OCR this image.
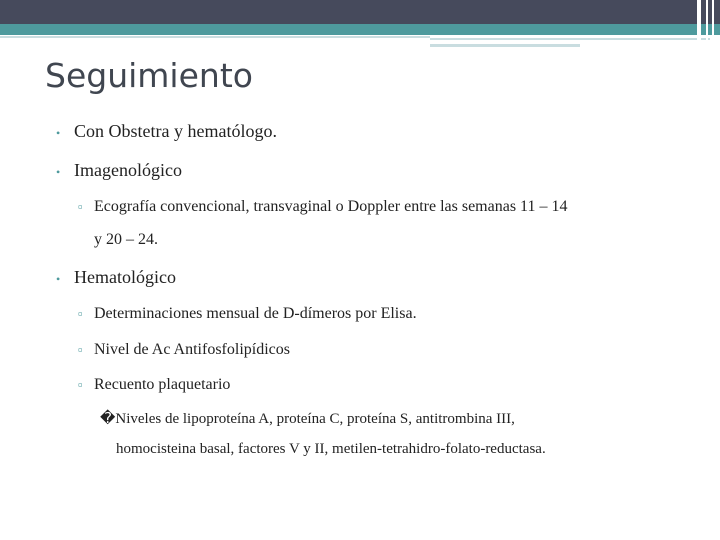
Seguimiento
• Con Obstetra y hematólogo.
• Imagenológico
▫ Ecografía convencional, transvaginal o Doppler entre las semanas 11 – 14
y 20 – 24.
• Hematológico
▫ Determinaciones mensual de D-dímeros por Elisa.
▫ Nivel de Ac Antifosfolipídicos
▫ Recuento plaquetario
�Niveles de lipoproteína A, proteína C, proteína S, antitrombina III,
homocisteina basal, factores V y II, metilen-tetrahidro-folato-reductasa.
